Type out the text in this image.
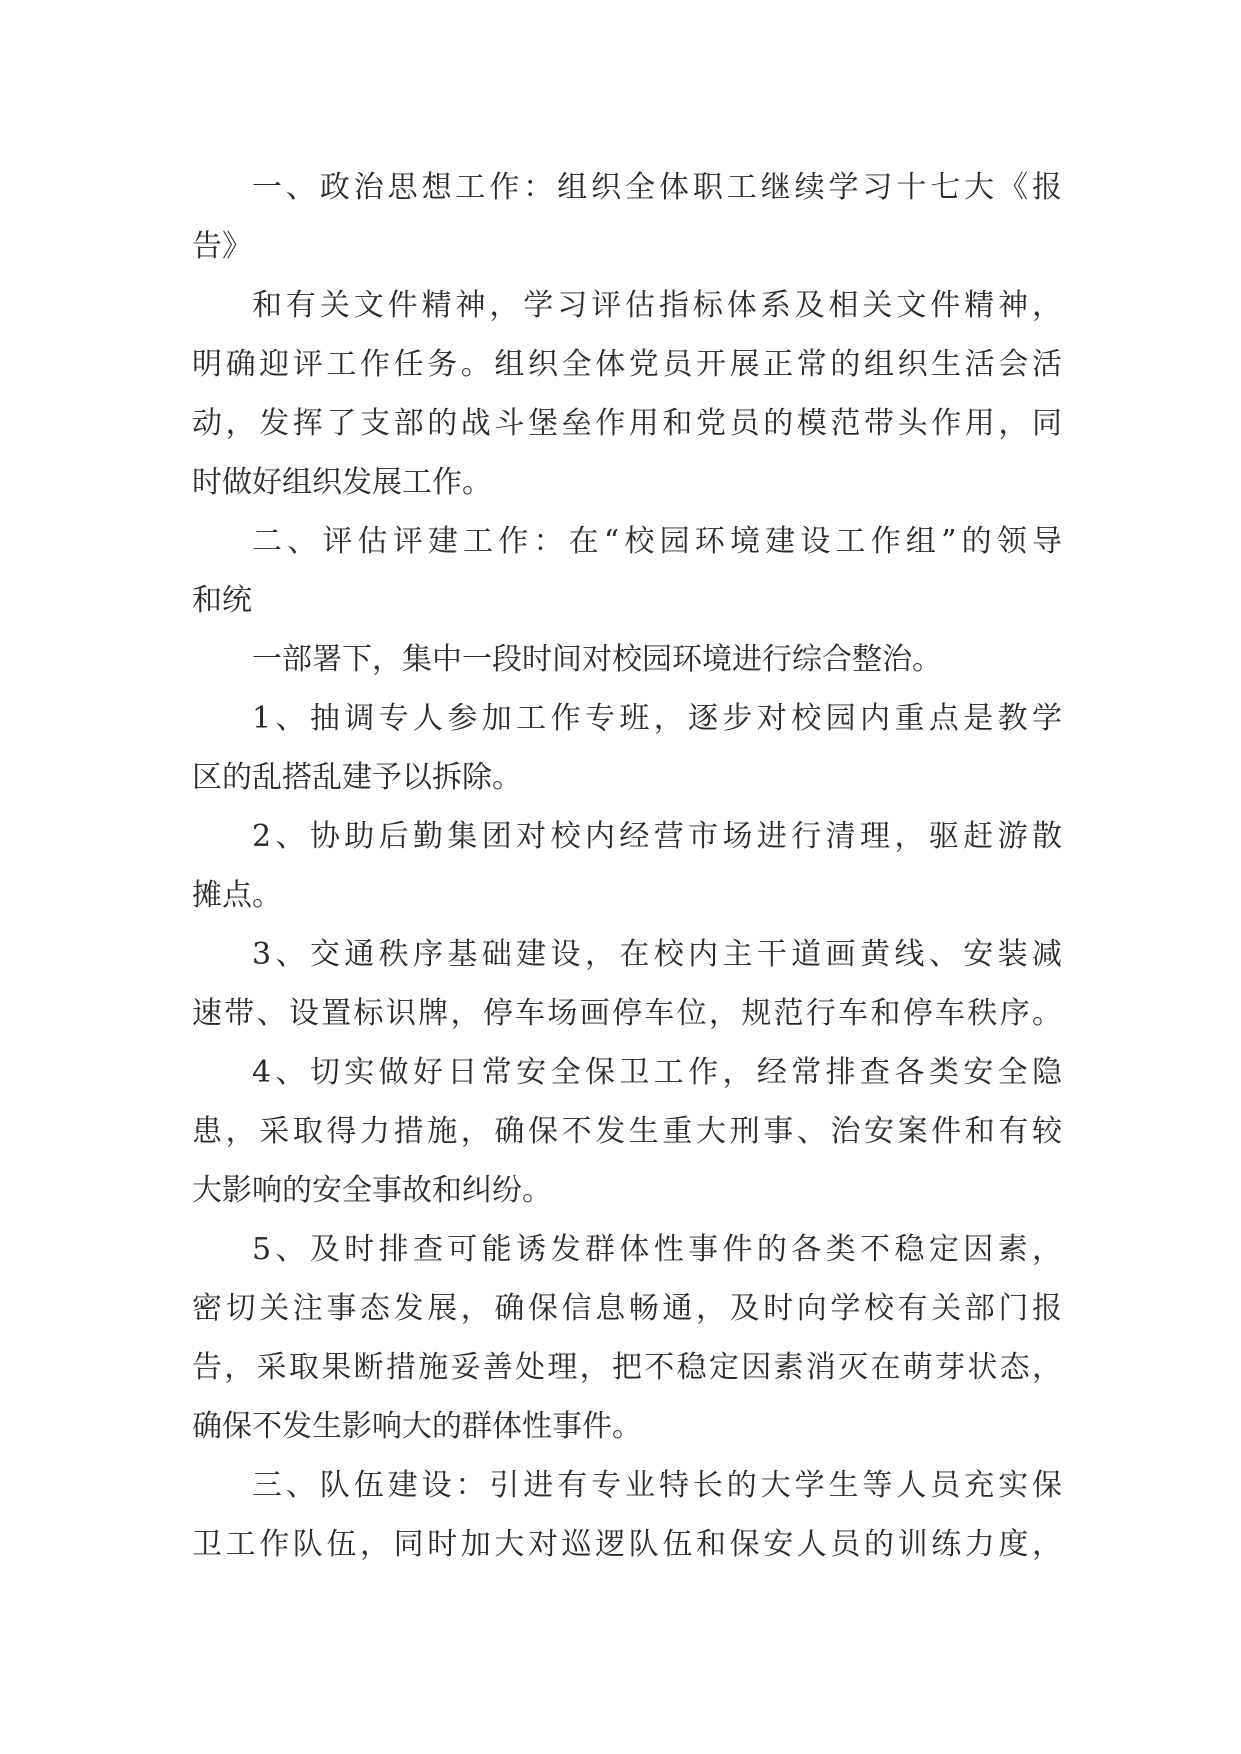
一、政治思想工作：组织全体职工继续学习十七大《报
告》
和有关文件精神，学习评估指标体系及相关文件精神，
明确迎评工作任务。组织全体党员开展正常的组织生活会活
动，发挥了支部的战斗堡垒作用和党员的模范带头作用，同
时做好组织发展工作。
二、评估评建工作：在“校园环境建设工作组”的领导
和统
一部署下，集中一段时间对校园环境进行综合整治。
1、抽调专人参加工作专班，逐步对校园内重点是教学
区的乱搭乱建予以拆除。
2、协助后勤集团对校内经营市场进行清理，驱赶游散
摊点。
3、交通秩序基础建设，在校内主干道画黄线、安装减
速带、设置标识牌，停车场画停车位，规范行车和停车秩序。
4、切实做好日常安全保卫工作，经常排查各类安全隐
患，采取得力措施，确保不发生重大刑事、治安案件和有较
大影响的安全事故和纠纷。
5、及时排查可能诱发群体性事件的各类不稳定因素，
密切关注事态发展，确保信息畅通，及时向学校有关部门报
告，采取果断措施妥善处理，把不稳定因素消灭在萌芽状态，
确保不发生影响大的群体性事件。
三、队伍建设：引进有专业特长的大学生等人员充实保
卫工作队伍，同时加大对巡逻队伍和保安人员的训练力度，
